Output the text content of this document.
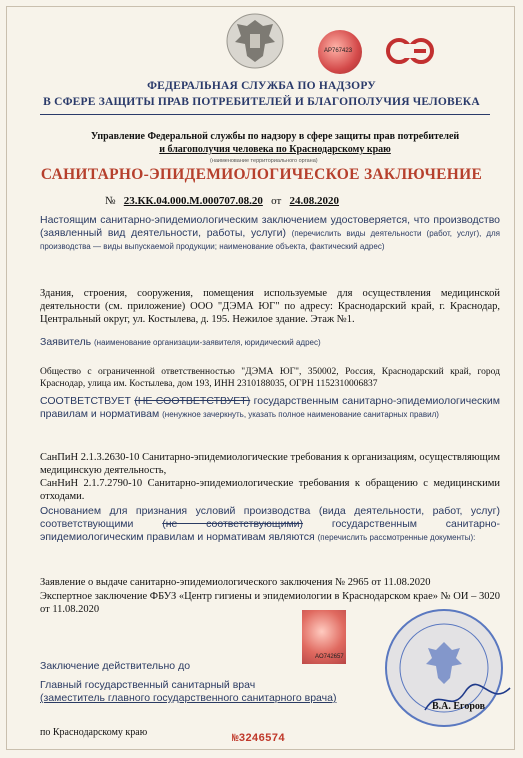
AP767423
ФЕДЕРАЛЬНАЯ СЛУЖБА ПО НАДЗОРУ
В СФЕРЕ ЗАЩИТЫ ПРАВ ПОТРЕБИТЕЛЕЙ И БЛАГОПОЛУЧИЯ ЧЕЛОВЕКА
Управление Федеральной службы по надзору в сфере защиты прав потребителей
и благополучия человека по Краснодарскому краю
(наименование территориального органа)
САНИТАРНО-ЭПИДЕМИОЛОГИЧЕСКОЕ ЗАКЛЮЧЕНИЕ
№ 23.КК.04.000.М.000707.08.20 от 24.08.2020
Настоящим санитарно-эпидемиологическим заключением удостоверяется, что производство (заявленный вид деятельности, работы, услуги) (перечислить виды деятельности (работ, услуг), для производства — виды выпускаемой продукции; наименование объекта, фактический адрес)
Здания, строения, сооружения, помещения используемые для осуществления медицинской деятельности (см. приложение) ООО "ДЭМА ЮГ" по адресу: Краснодарский край, г. Краснодар, Центральный округ, ул. Костылева, д. 195. Нежилое здание. Этаж №1.
Заявитель (наименование организации-заявителя, юридический адрес)
Общество с ограниченной ответственностью "ДЭМА ЮГ", 350002, Россия, Краснодарский край, город Краснодар, улица им. Костылева, дом 193, ИНН 2310188035, ОГРН 1152310006837
СООТВЕТСТВУЕТ (НЕ СООТВЕТСТВУЕТ) государственным санитарно-эпидемиологическим правилам и нормативам (ненужное зачеркнуть, указать полное наименование санитарных правил)
СанПиН 2.1.3.2630-10 Санитарно-эпидемиологические требования к организациям, осуществляющим медицинскую деятельность,
СанНиН 2.1.7.2790-10 Санитарно-эпидемиологические требования к обращению с медицинскими отходами.
Основанием для признания условий производства (вида деятельности, работ, услуг) соответствующими	(не соответствующими)	государственным санитарно-эпидемиологическим правилам и нормативам являются (перечислить рассмотренные документы):
Заявление о выдаче санитарно-эпидемиологического заключения № 2965 от 11.08.2020
Экспертное заключение ФБУЗ «Центр гигиены и эпидемиологии в Краснодарском крае» № ОИ – 3020 от 11.08.2020
AO742657
Заключение действительно до
Главный государственный санитарный врач
(заместитель главного государственного санитарного врача)
В.А. Егоров
по Краснодарскому краю
№3246574
